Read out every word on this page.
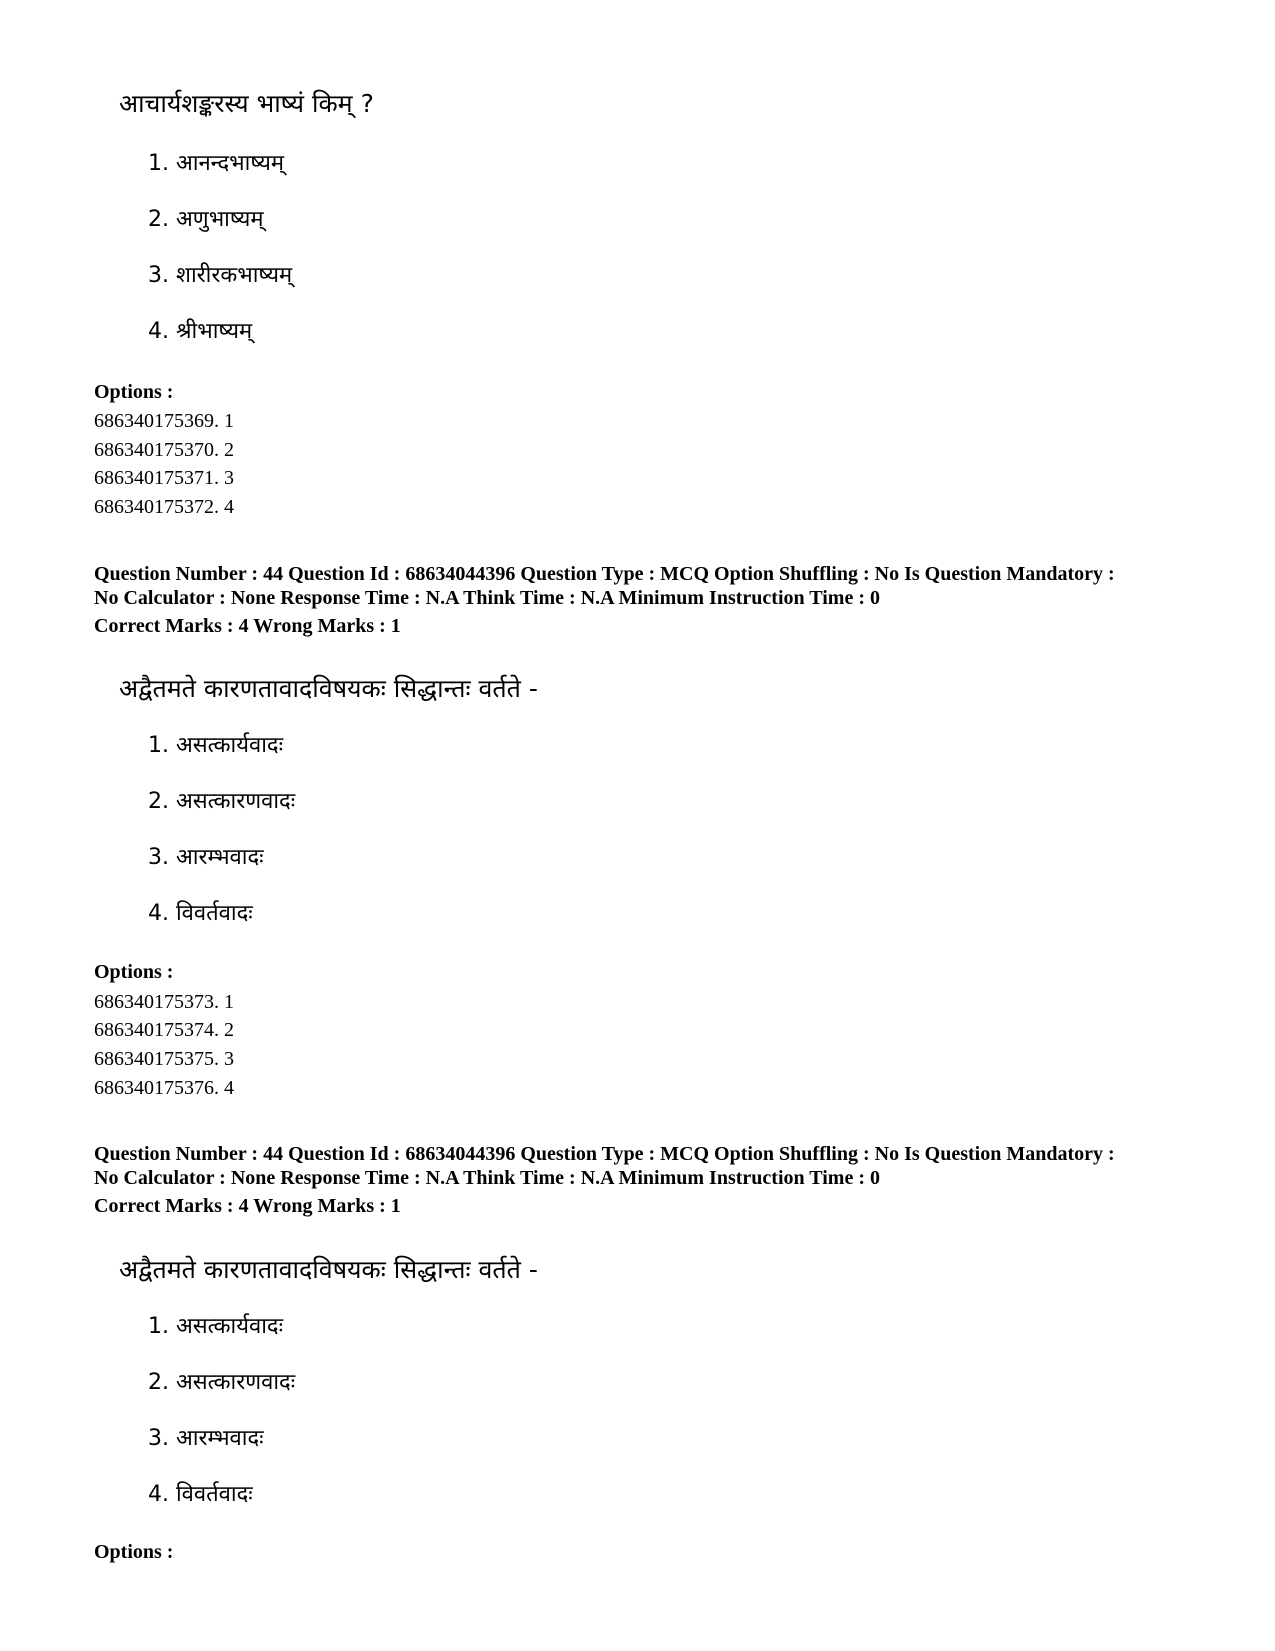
आचार्यशङ्करस्य भाष्यं किम् ?
1. आनन्दभाष्यम्
2. अणुभाष्यम्
3. शारीरकभाष्यम्
4. श्रीभाष्यम्
Options :
686340175369. 1
686340175370. 2
686340175371. 3
686340175372. 4
Question Number : 44 Question Id : 68634044396 Question Type : MCQ Option Shuffling : No Is Question Mandatory :
No Calculator : None Response Time : N.A Think Time : N.A Minimum Instruction Time : 0
Correct Marks : 4 Wrong Marks : 1
अद्वैतमते कारणतावादविषयकः सिद्धान्तः वर्तते -
1. असत्कार्यवादः
2. असत्कारणवादः
3. आरम्भवादः
4. विवर्तवादः
Options :
686340175373. 1
686340175374. 2
686340175375. 3
686340175376. 4
Question Number : 44 Question Id : 68634044396 Question Type : MCQ Option Shuffling : No Is Question Mandatory :
No Calculator : None Response Time : N.A Think Time : N.A Minimum Instruction Time : 0
Correct Marks : 4 Wrong Marks : 1
अद्वैतमते कारणतावादविषयकः सिद्धान्तः वर्तते -
1. असत्कार्यवादः
2. असत्कारणवादः
3. आरम्भवादः
4. विवर्तवादः
Options :
